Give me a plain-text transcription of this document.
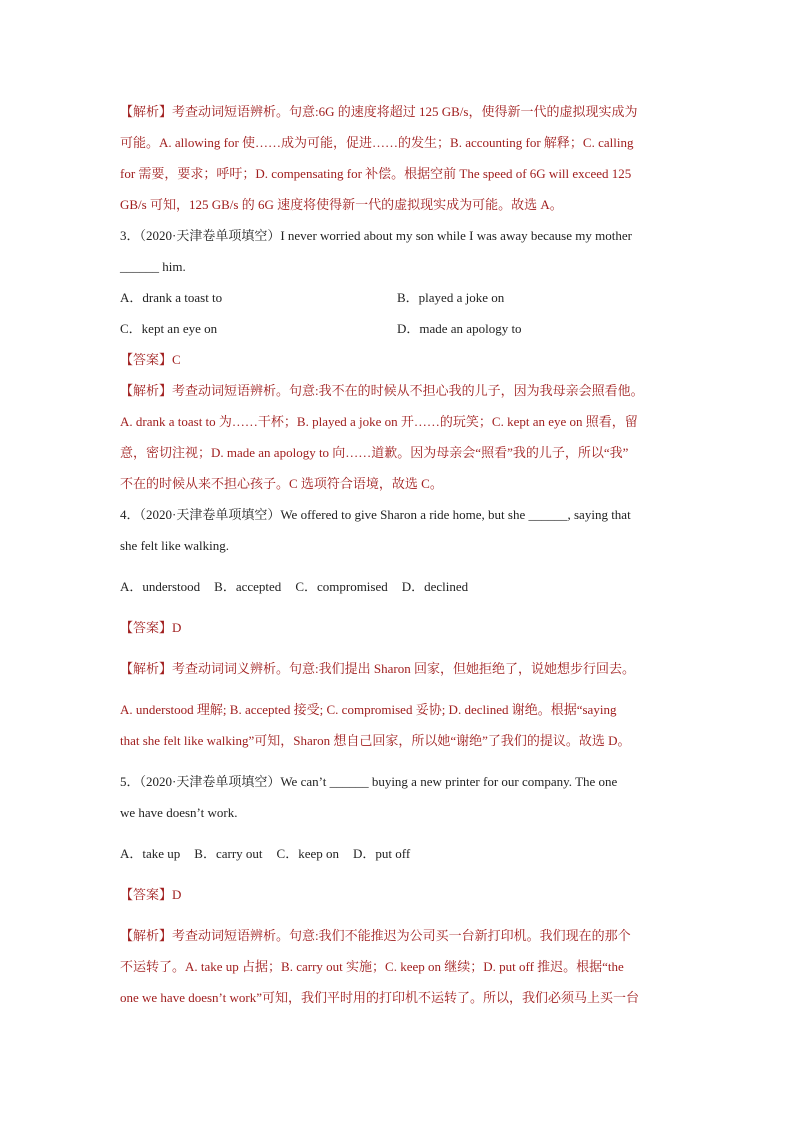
【解析】考查动词短语辨析。句意:6G 的速度将超过 125 GB/s，使得新一代的虚拟现实成为
可能。A. allowing for 使……成为可能，促进……的发生；B. accounting for 解释；C. calling
for 需要，要求；呼吁；D. compensating for 补偿。根据空前 The speed of 6G will exceed 125
GB/s 可知，125 GB/s 的 6G 速度将使得新一代的虚拟现实成为可能。故选 A。
3．（2020·天津卷单项填空）I never worried about my son while I was away because my mother
______ him.
A．drank a toast to	B．played a joke on
C．kept an eye on	D．made an apology to
【答案】C
【解析】考查动词短语辨析。句意:我不在的时候从不担心我的儿子，因为我母亲会照看他。
A. drank a toast to 为……干杯；B. played a joke on 开……的玩笑；C. kept an eye on 照看，留
意，密切注视；D. made an apology to 向……道歉。因为母亲会“照看”我的儿子，所以“我”
不在的时候从来不担心孩子。C 选项符合语境，故选 C。
4．（2020·天津卷单项填空）We offered to give Sharon a ride home, but she ______, saying that
she felt like walking.
A．understood B．accepted C．compromised D．declined
【答案】D
【解析】考查动词词义辨析。句意:我们提出 Sharon 回家，但她拒绝了，说她想步行回去。
A. understood 理解; B. accepted 接受; C. compromised 妥协; D. declined 谢绝。根据“saying
that she felt like walking”可知，Sharon 想自己回家，所以她“谢绝”了我们的提议。故选 D。
5．（2020·天津卷单项填空）We can’t ______ buying a new printer for our company. The one
we have doesn’t work.
A．take up B．carry out C．keep on D．put off
【答案】D
【解析】考查动词短语辨析。句意:我们不能推迟为公司买一台新打印机。我们现在的那个
不运转了。A. take up 占据；B. carry out 实施；C. keep on 继续；D. put off 推迟。根据“the
one we have doesn’t work”可知，我们平时用的打印机不运转了。所以，我们必须马上买一台
